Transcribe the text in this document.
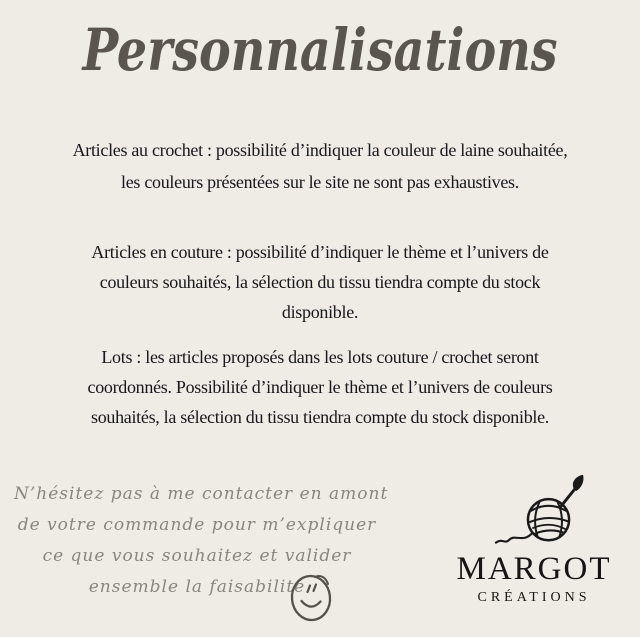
Personnalisations
Articles au crochet : possibilité d’indiquer la couleur de laine souhaitée,
les couleurs présentées sur le site ne sont pas exhaustives.
Articles en couture : possibilité d’indiquer le thème et l’univers de
couleurs souhaités, la sélection du tissu tiendra compte du stock
disponible.
Lots : les articles proposés dans les lots couture / crochet seront
coordonnés. Possibilité d’indiquer le thème et l’univers de couleurs
souhaités, la sélection du tissu tiendra compte du stock disponible.
N’hésitez pas à me contacter en amont
de votre commande pour m’expliquer
ce que vous souhaitez et valider
ensemble la faisabilité	MARGOT
CRÉATIONS
